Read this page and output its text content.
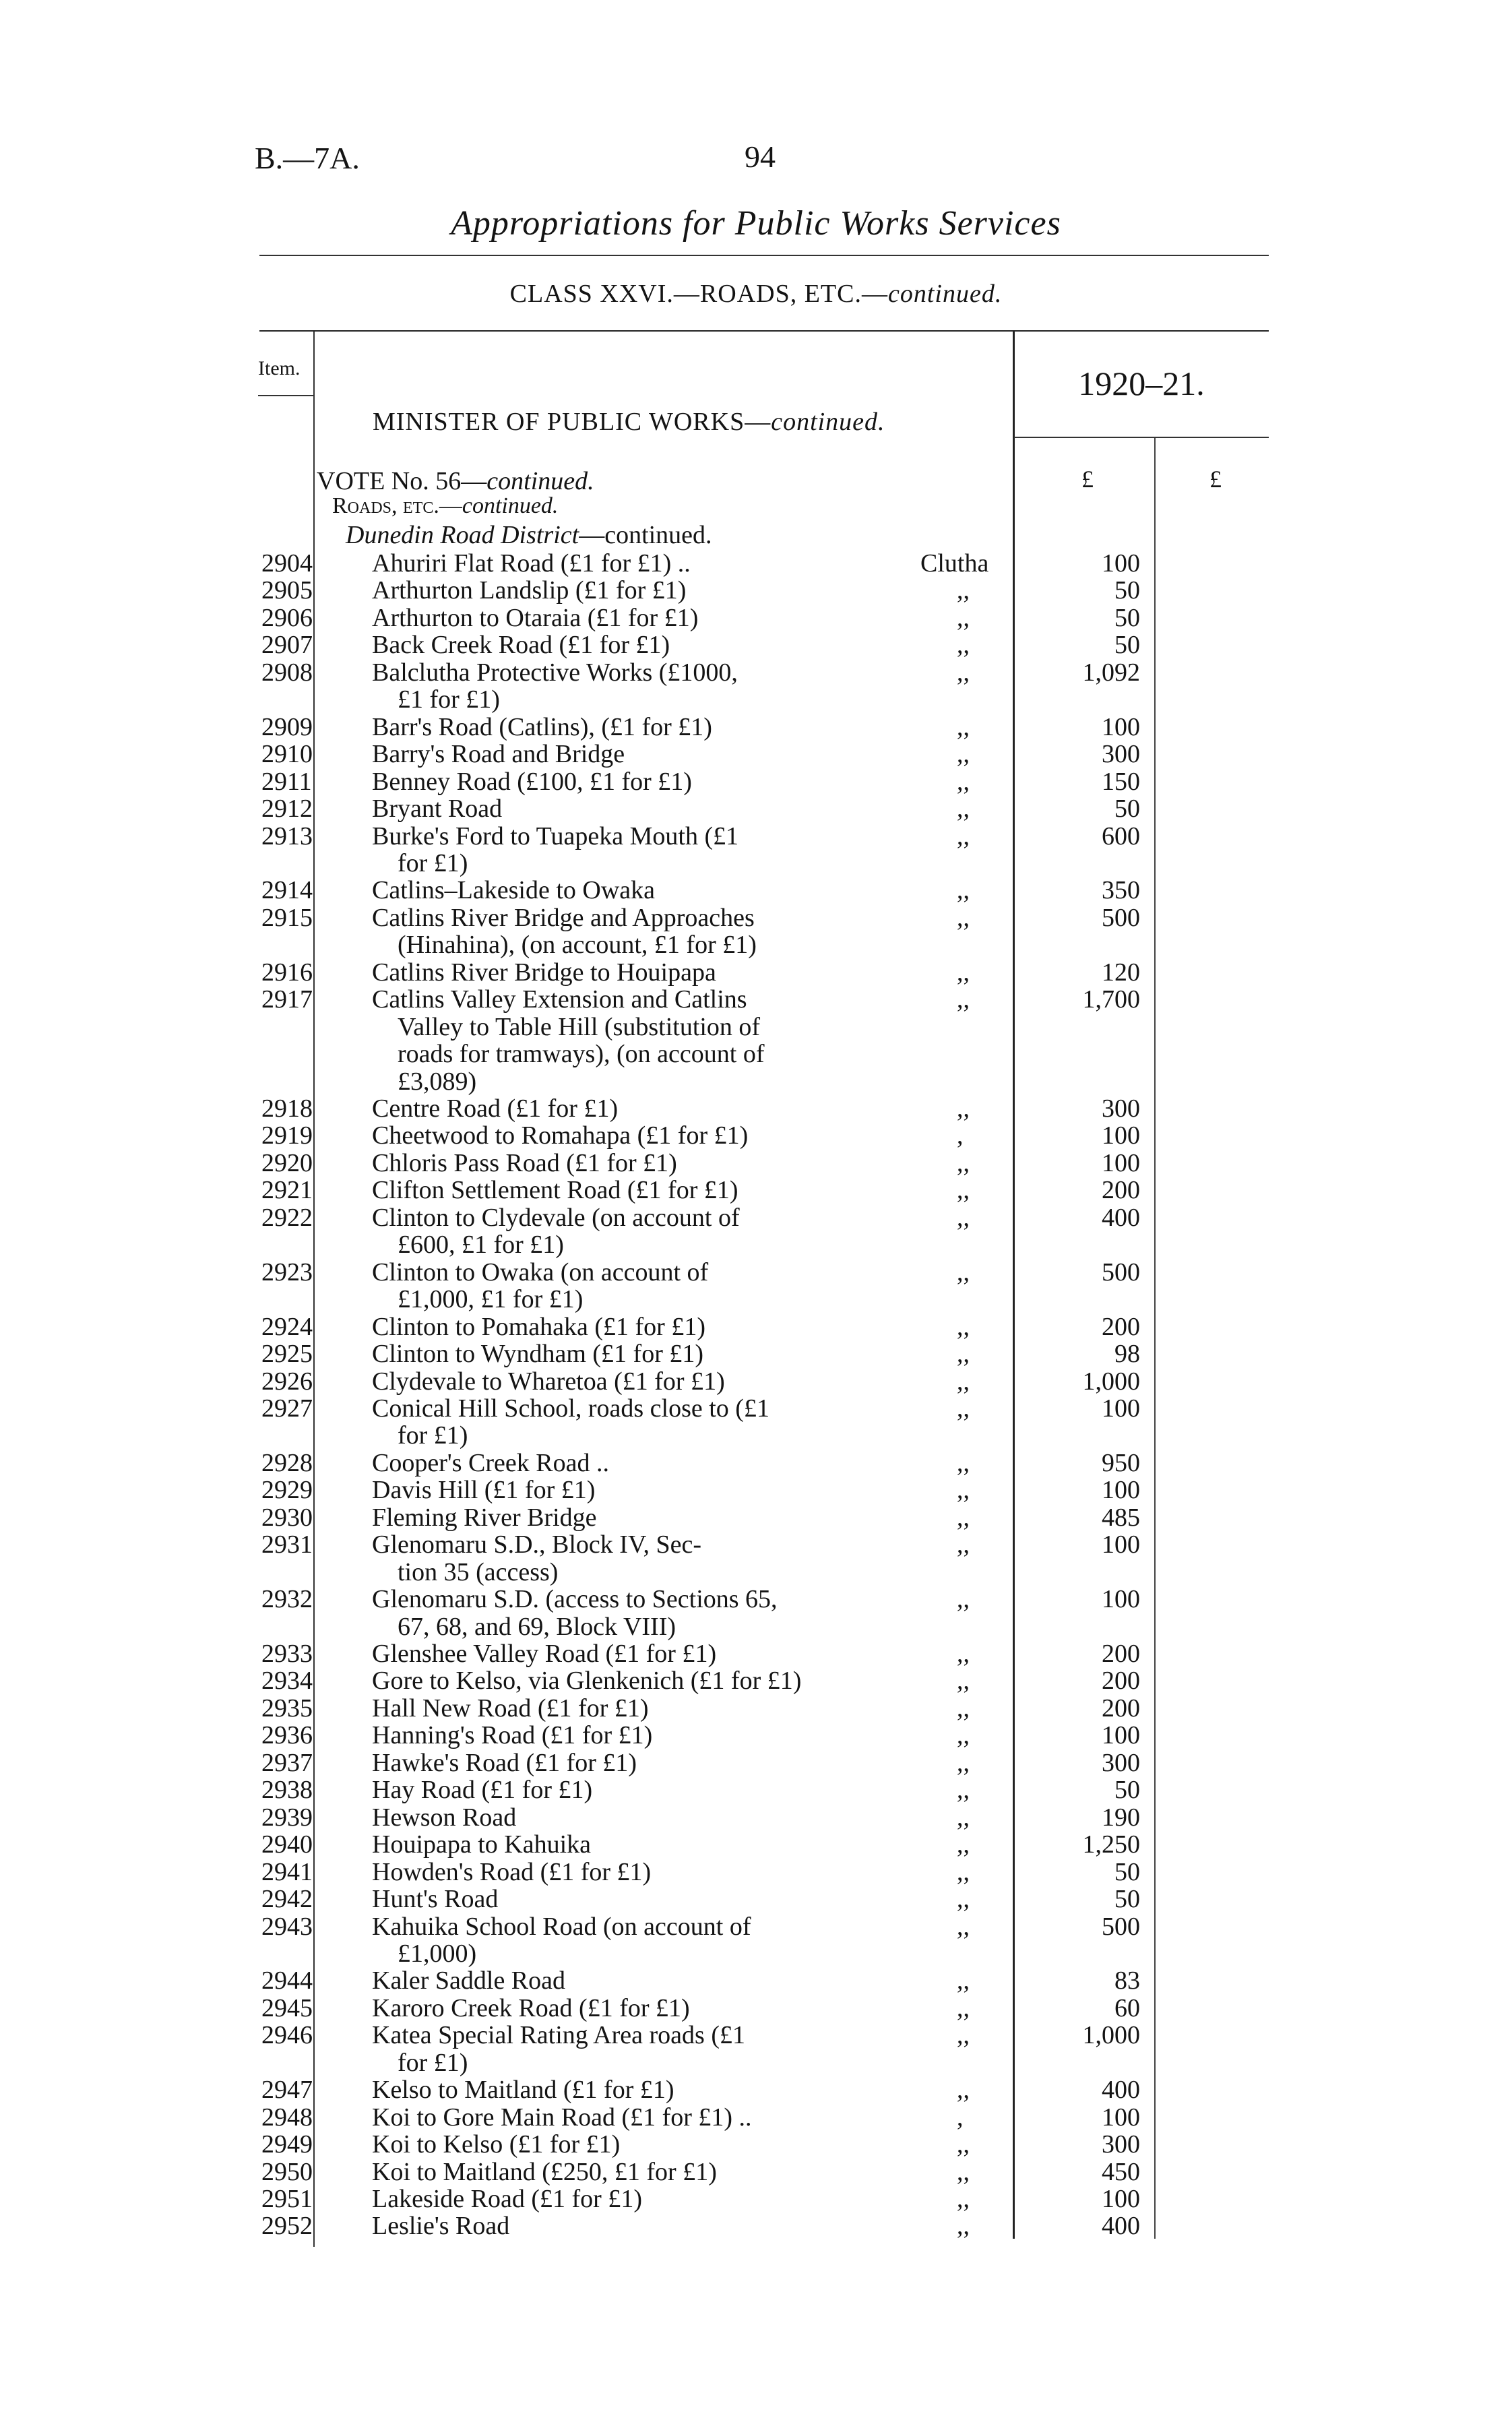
B.—7A.	94
Appropriations for Public Works Services
CLASS XXVI.—ROADS, ETC.—continued.
Item.	1920–21.
£	£
MINISTER OF PUBLIC WORKS—continued.
VOTE No. 56—continued.
Roads, etc.—continued.
Dunedin Road District—continued.
2904 Ahuriri Flat Road (£1 for £1) ..	Clutha	100
2905 Arthurton Landslip (£1 for £1)	,,	50
2906 Arthurton to Otaraia (£1 for £1)	,,	50
2907 Back Creek Road (£1 for £1)	,,	50
2908 Balclutha Protective Works (£1000,
£1 for £1)
,,	1,092
2909 Barr's Road (Catlins), (£1 for £1)	,,	100
2910 Barry's Road and Bridge	,,	300
2911 Benney Road (£100, £1 for £1)	,,	150
2912 Bryant Road	,,	50
2913 Burke's Ford to Tuapeka Mouth (£1
for £1)
,,	600
2914 Catlins–Lakeside to Owaka	,,	350
2915 Catlins River Bridge and Approaches
(Hinahina), (on account, £1 for £1)
,,	500
2916 Catlins River Bridge to Houipapa	,,	120
2917 Catlins Valley Extension and Catlins
Valley to Table Hill (substitution of
roads for tramways), (on account of
£3,089)
,,	1,700
2918 Centre Road (£1 for £1)	,,	300
2919 Cheetwood to Romahapa (£1 for £1)	,	100
2920 Chloris Pass Road (£1 for £1)	,,	100
2921 Clifton Settlement Road (£1 for £1)	,,	200
2922 Clinton to Clydevale (on account of
£600, £1 for £1)
,,	400
2923 Clinton to Owaka (on account of
£1,000, £1 for £1)
,,	500
2924 Clinton to Pomahaka (£1 for £1)	,,	200
2925 Clinton to Wyndham (£1 for £1)	,,	98
2926 Clydevale to Wharetoa (£1 for £1)	,,	1,000
2927 Conical Hill School, roads close to (£1
for £1)
,,	100
2928 Cooper's Creek Road ..	,,	950
2929 Davis Hill (£1 for £1)	,,	100
2930 Fleming River Bridge	,,	485
2931 Glenomaru S.D., Block IV, Sec-
tion 35 (access)
,,	100
2932 Glenomaru S.D. (access to Sections 65,
67, 68, and 69, Block VIII)
,,	100
2933 Glenshee Valley Road (£1 for £1)	,,	200
2934 Gore to Kelso, via Glenkenich (£1 for £1)	,,	200
2935 Hall New Road (£1 for £1)	,,	200
2936 Hanning's Road (£1 for £1)	,,	100
2937 Hawke's Road (£1 for £1)	,,	300
2938 Hay Road (£1 for £1)	,,	50
2939 Hewson Road	,,	190
2940 Houipapa to Kahuika	,,	1,250
2941 Howden's Road (£1 for £1)	,,	50
2942 Hunt's Road	,,	50
2943 Kahuika School Road (on account of
£1,000)
,,	500
2944 Kaler Saddle Road	,,	83
2945 Karoro Creek Road (£1 for £1)	,,	60
2946 Katea Special Rating Area roads (£1
for £1)
,,	1,000
2947 Kelso to Maitland (£1 for £1)	,,	400
2948 Koi to Gore Main Road (£1 for £1) ..	,	100
2949 Koi to Kelso (£1 for £1)	,,	300
2950 Koi to Maitland (£250, £1 for £1)	,,	450
2951 Lakeside Road (£1 for £1)	,,	100
2952 Leslie's Road	,,	400
